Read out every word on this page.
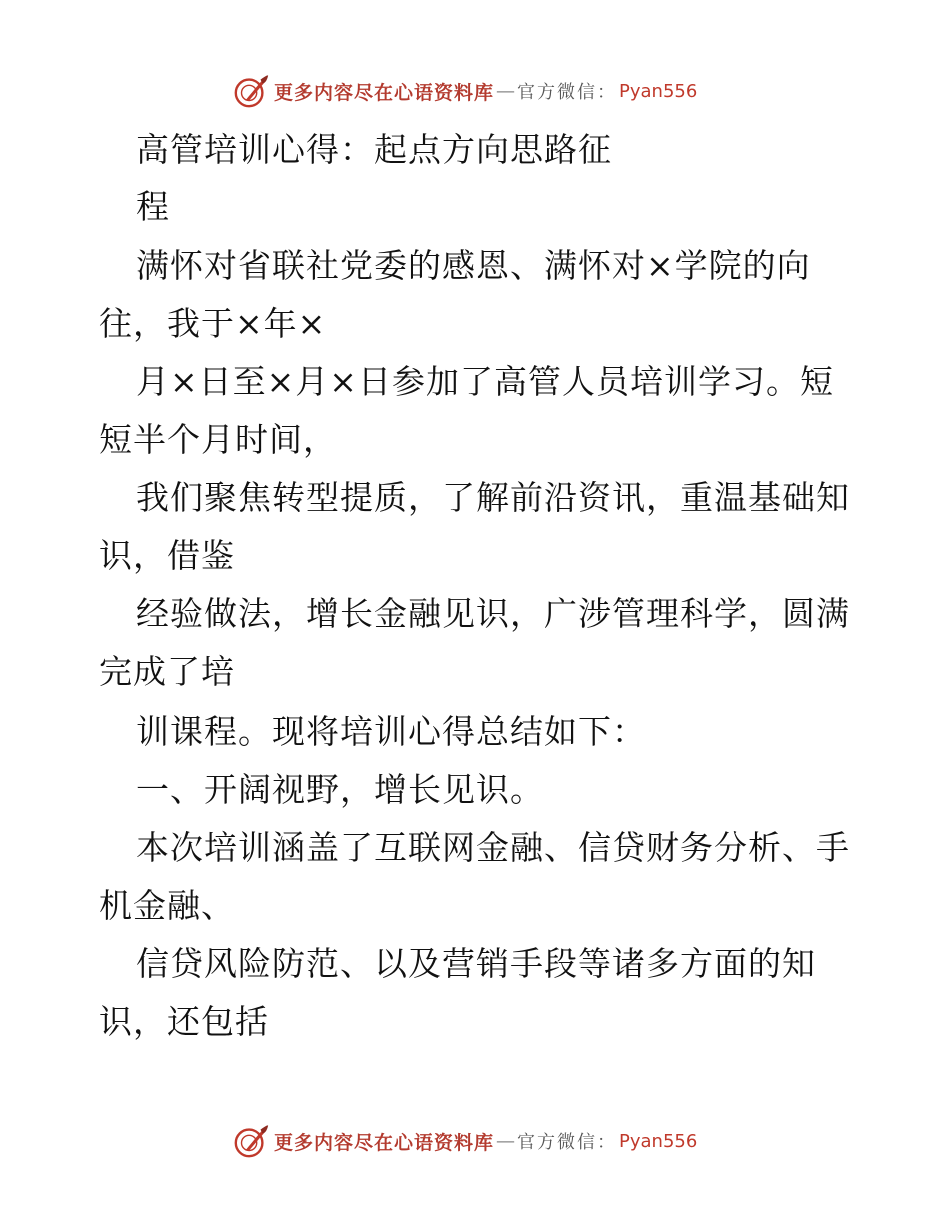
更多内容尽在心语资料库 — 官方微信： Pyan556
高管培训心得：起点方向思路征
程
满怀对省联社党委的感恩、满怀对×学院的向
往，我于×年×
月×日至×月×日参加了高管人员培训学习。短
短半个月时间，
我们聚焦转型提质，了解前沿资讯，重温基础知
识，借鉴
经验做法，增长金融见识，广涉管理科学，圆满
完成了培
训课程。现将培训心得总结如下：
一、开阔视野，增长见识。
本次培训涵盖了互联网金融、信贷财务分析、手
机金融、
信贷风险防范、以及营销手段等诸多方面的知
识，还包括
更多内容尽在心语资料库 — 官方微信： Pyan556
